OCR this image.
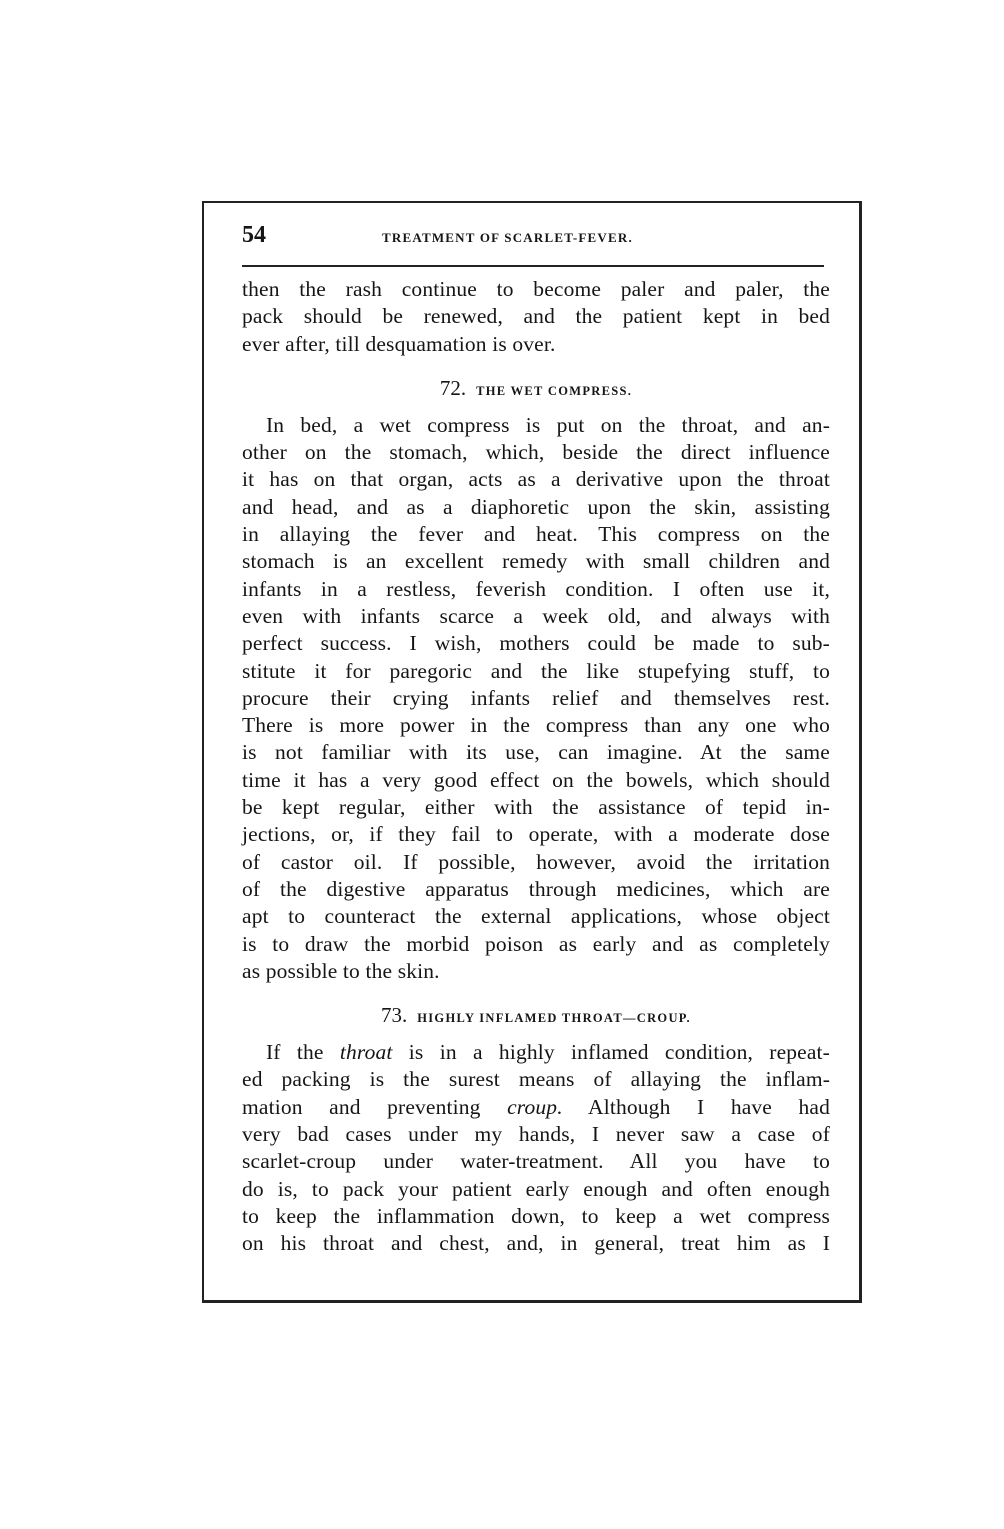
54	TREATMENT OF SCARLET-FEVER.
then the rash continue to become paler and paler, the
pack should be renewed, and the patient kept in bed
ever after, till desquamation is over.
72. THE WET COMPRESS.
In bed, a wet compress is put on the throat, and an-
other on the stomach, which, beside the direct influence
it has on that organ, acts as a derivative upon the throat
and head, and as a diaphoretic upon the skin, assisting
in allaying the fever and heat. This compress on the
stomach is an excellent remedy with small children and
infants in a restless, feverish condition. I often use it,
even with infants scarce a week old, and always with
perfect success. I wish, mothers could be made to sub-
stitute it for paregoric and the like stupefying stuff, to
procure their crying infants relief and themselves rest.
There is more power in the compress than any one who
is not familiar with its use, can imagine. At the same
time it has a very good effect on the bowels, which should
be kept regular, either with the assistance of tepid in-
jections, or, if they fail to operate, with a moderate dose
of castor oil. If possible, however, avoid the irritation
of the digestive apparatus through medicines, which are
apt to counteract the external applications, whose object
is to draw the morbid poison as early and as completely
as possible to the skin.
73. HIGHLY INFLAMED THROAT—CROUP.
If the throat is in a highly inflamed condition, repeat-
ed packing is the surest means of allaying the inflam-
mation and preventing croup. Although I have had
very bad cases under my hands, I never saw a case of
scarlet-croup under water-treatment. All you have to
do is, to pack your patient early enough and often enough
to keep the inflammation down, to keep a wet compress
on his throat and chest, and, in general, treat him as I
